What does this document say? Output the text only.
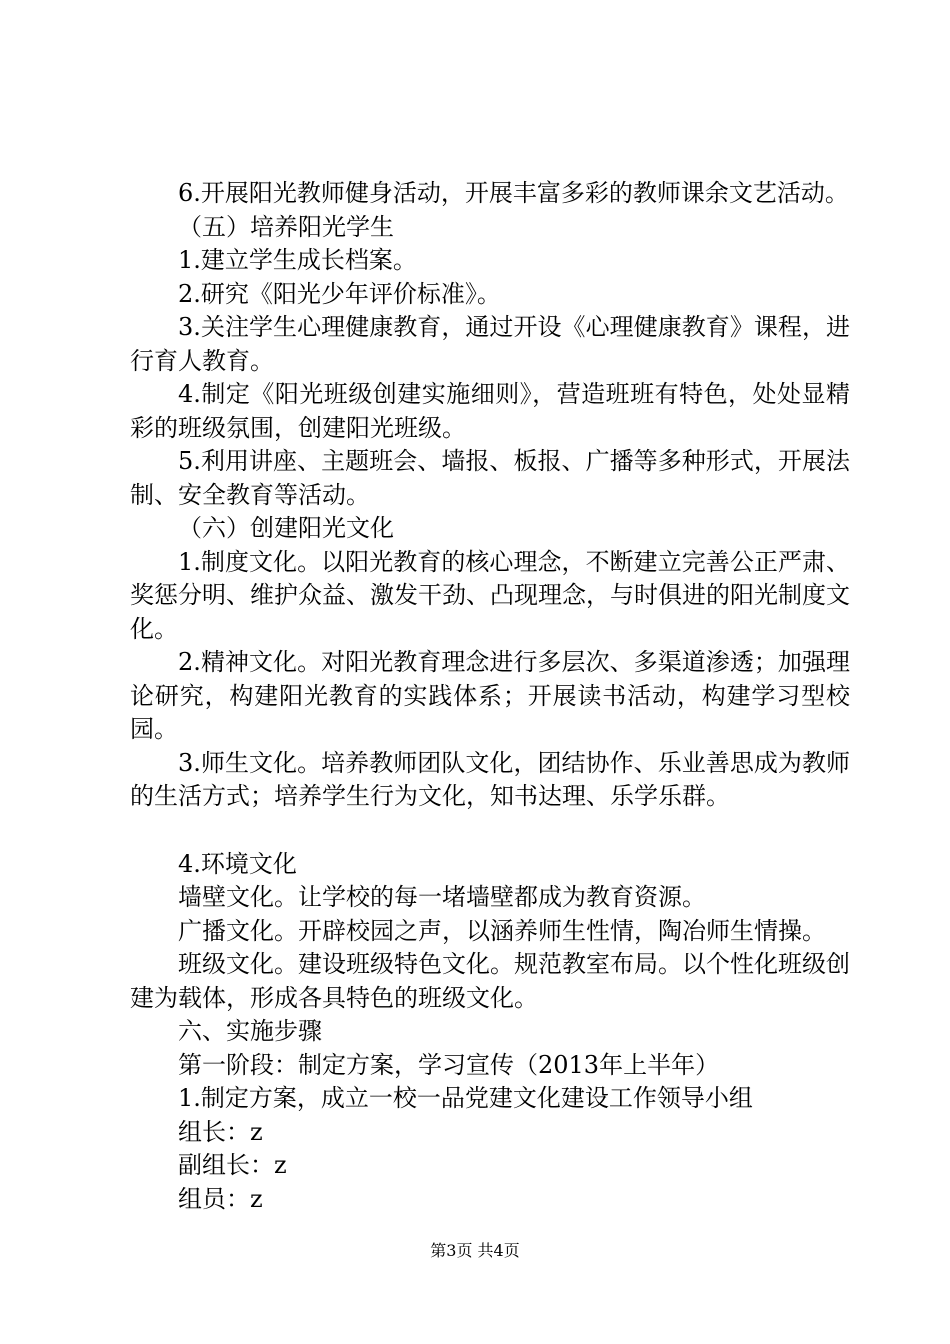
6.开展阳光教师健身活动，开展丰富多彩的教师课余文艺活动。

（五）培养阳光学生

1.建立学生成长档案。

2.研究《阳光少年评价标准》。

3.关注学生心理健康教育，通过开设《心理健康教育》课程，进行育人教育。

4.制定《阳光班级创建实施细则》，营造班班有特色，处处显精彩的班级氛围，创建阳光班级。

5.利用讲座、主题班会、墙报、板报、广播等多种形式，开展法制、安全教育等活动。

（六）创建阳光文化

1.制度文化。以阳光教育的核心理念，不断建立完善公正严肃、奖惩分明、维护众益、激发干劲、凸现理念，与时俱进的阳光制度文化。

2.精神文化。对阳光教育理念进行多层次、多渠道渗透；加强理论研究，构建阳光教育的实践体系；开展读书活动，构建学习型校园。

3.师生文化。培养教师团队文化，团结协作、乐业善思成为教师的生活方式；培养学生行为文化，知书达理、乐学乐群。

4.环境文化

墙壁文化。让学校的每一堵墙壁都成为教育资源。

广播文化。开辟校园之声，以涵养师生性情，陶冶师生情操。

班级文化。建设班级特色文化。规范教室布局。以个性化班级创建为载体，形成各具特色的班级文化。

六、实施步骤

第一阶段：制定方案，学习宣传（2013年上半年）

1.制定方案，成立一校一品党建文化建设工作领导小组

组长：z

副组长：z

组员：z

第3页 共4页
